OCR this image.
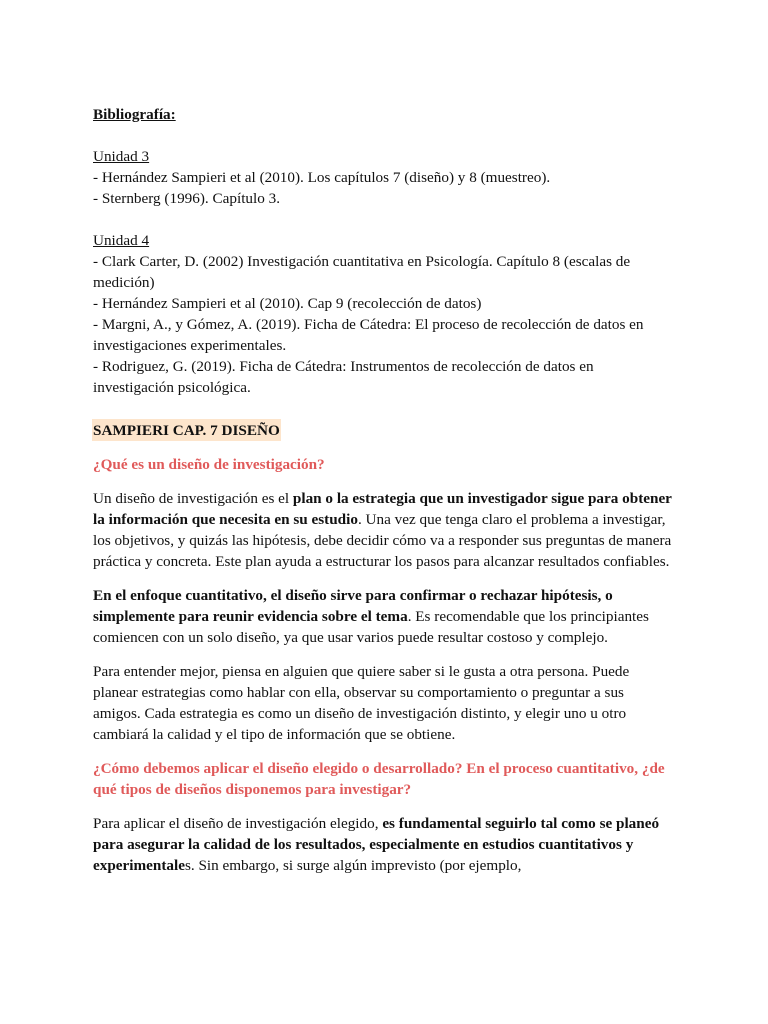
Bibliografía:

Unidad 3

- Hernández Sampieri et al (2010). Los capítulos 7 (diseño) y 8 (muestreo).

- Sternberg (1996). Capítulo 3.

Unidad 4

- Clark Carter, D. (2002) Investigación cuantitativa en Psicología. Capítulo 8 (escalas de medición)

- Hernández Sampieri et al (2010). Cap 9 (recolección de datos)

- Margni, A., y Gómez, A. (2019). Ficha de Cátedra: El proceso de recolección de datos en investigaciones experimentales.

- Rodriguez, G. (2019). Ficha de Cátedra: Instrumentos de recolección de datos en investigación psicológica.

SAMPIERI CAP. 7 DISEÑO

¿Qué es un diseño de investigación?

Un diseño de investigación es el plan o la estrategia que un investigador sigue para obtener la información que necesita en su estudio. Una vez que tenga claro el problema a investigar, los objetivos, y quizás las hipótesis, debe decidir cómo va a responder sus preguntas de manera práctica y concreta. Este plan ayuda a estructurar los pasos para alcanzar resultados confiables.

En el enfoque cuantitativo, el diseño sirve para confirmar o rechazar hipótesis, o simplemente para reunir evidencia sobre el tema. Es recomendable que los principiantes comiencen con un solo diseño, ya que usar varios puede resultar costoso y complejo.

Para entender mejor, piensa en alguien que quiere saber si le gusta a otra persona. Puede planear estrategias como hablar con ella, observar su comportamiento o preguntar a sus amigos. Cada estrategia es como un diseño de investigación distinto, y elegir uno u otro cambiará la calidad y el tipo de información que se obtiene.

¿Cómo debemos aplicar el diseño elegido o desarrollado? En el proceso cuantitativo, ¿de qué tipos de diseños disponemos para investigar?

Para aplicar el diseño de investigación elegido, es fundamental seguirlo tal como se planeó para asegurar la calidad de los resultados, especialmente en estudios cuantitativos y experimentales. Sin embargo, si surge algún imprevisto (por ejemplo,
